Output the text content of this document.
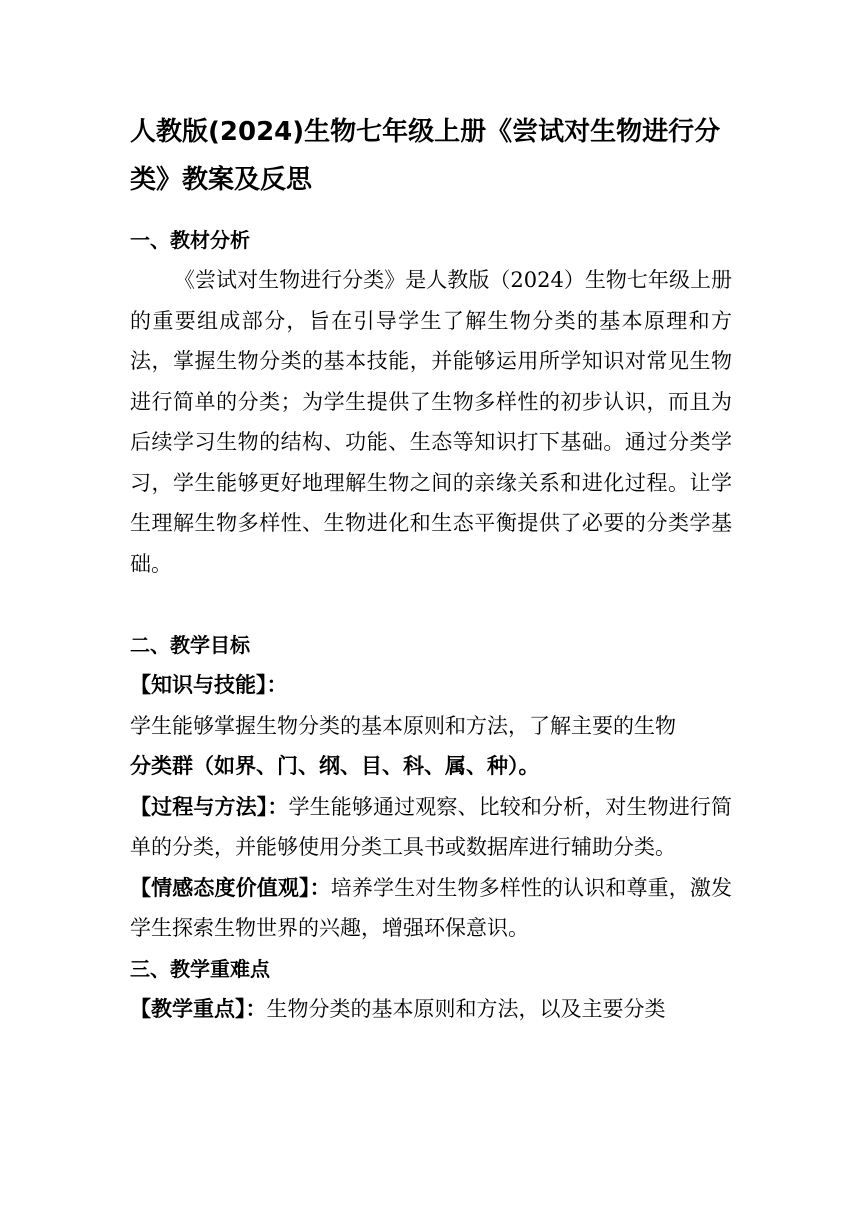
人教版(2024)生物七年级上册《尝试对生物进行分类》教案及反思

一、教材分析

《尝试对生物进行分类》是人教版（2024）生物七年级上册的重要组成部分，旨在引导学生了解生物分类的基本原理和方法，掌握生物分类的基本技能，并能够运用所学知识对常见生物进行简单的分类；为学生提供了生物多样性的初步认识，而且为后续学习生物的结构、功能、生态等知识打下基础。通过分类学习，学生能够更好地理解生物之间的亲缘关系和进化过程。让学生理解生物多样性、生物进化和生态平衡提供了必要的分类学基础。

二、教学目标

【知识与技能】：

学生能够掌握生物分类的基本原则和方法，了解主要的生物

分类群（如界、门、纲、目、科、属、种）。

【过程与方法】：学生能够通过观察、比较和分析，对生物进行简单的分类，并能够使用分类工具书或数据库进行辅助分类。

【情感态度价值观】：培养学生对生物多样性的认识和尊重，激发学生探索生物世界的兴趣，增强环保意识。

三、教学重难点

【教学重点】：生物分类的基本原则和方法，以及主要分类
